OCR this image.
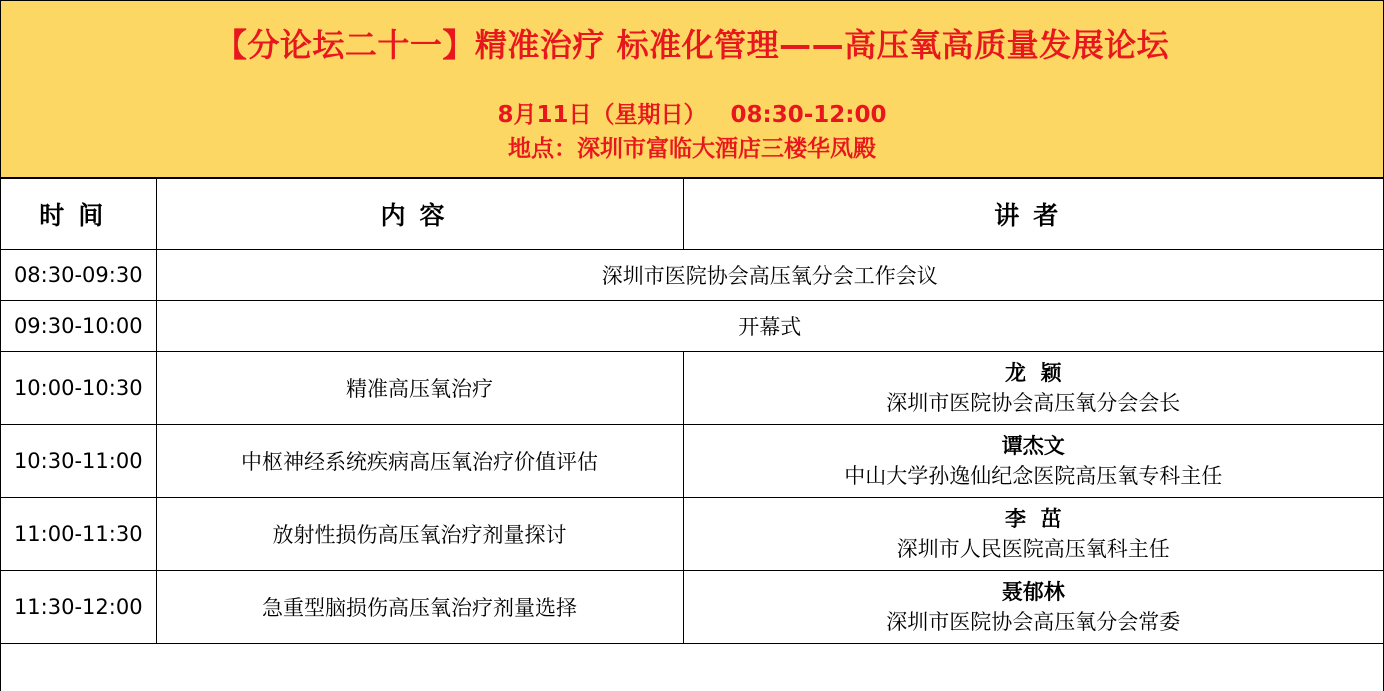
【分论坛二十一】精准治疗 标准化管理——高压氧高质量发展论坛
8月11日（星期日）   08:30-12:00
地点：深圳市富临大酒店三楼华凤殿
时间	内容	讲者
08:30-09:30	深圳市医院协会高压氧分会工作会议	
09:30-10:00	开幕式	
10:00-10:30	精准高压氧治疗	龙  颖
深圳市医院协会高压氧分会会长

10:30-11:00	中枢神经系统疾病高压氧治疗价值评估	谭杰文
中山大学孙逸仙纪念医院高压氧专科主任

11:00-11:30	放射性损伤高压氧治疗剂量探讨	李  茁
深圳市人民医院高压氧科主任

11:30-12:00	急重型脑损伤高压氧治疗剂量选择	聂郁林
深圳市医院协会高压氧分会常委
